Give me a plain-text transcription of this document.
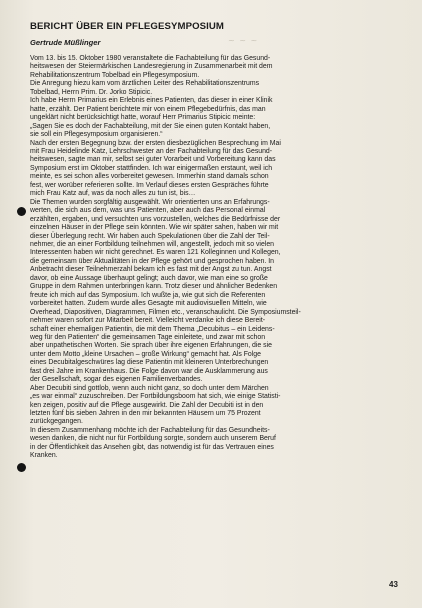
BERICHT ÜBER EIN PFLEGESYMPOSIUM
Gertrude Müßlinger	~ ~ ~

Vom 13. bis 15. Oktober 1980 veranstaltete die Fachabteilung für das Gesund-

heitswesen der Steiermärkischen Landesregierung in Zusammenarbeit mit dem

Rehabilitationszentrum Tobelbad ein Pflegesymposium.

Die Anregung hiezu kam vom ärztlichen Leiter des Rehabilitationszentrums

Tobelbad, Herrn Prim. Dr. Jorko Stipicic.

Ich habe Herrn Primarius ein Erlebnis eines Patienten, das dieser in einer Klinik

hatte, erzählt. Der Patient berichtete mir von einem Pflegebedürfnis, das man

ungeklärt nicht berücksichtigt hatte, worauf Herr Primarius Stipicic meinte:

„Sagen Sie es doch der Fachabteilung, mit der Sie einen guten Kontakt haben,

sie soll ein Pflegesymposium organisieren.“

Nach der ersten Begegnung bzw. der ersten diesbezüglichen Besprechung im Mai

mit Frau Heidelinde Katz, Lehrschwester an der Fachabteilung für das Gesund-

heitswesen, sagte man mir, selbst sei guter Vorarbeit und Vorbereitung kann das

Symposium erst im Oktober stattfinden. Ich war einigermaßen erstaunt, weil ich

meinte, es sei schon alles vorbereitet gewesen. Immerhin stand damals schon

fest, wer worüber referieren sollte. Im Verlauf dieses ersten Gespräches führte

mich Frau Katz auf, was da noch alles zu tun ist, bis…

Die Themen wurden sorgfältig ausgewählt. Wir orientierten uns an Erfahrungs-

werten, die sich aus dem, was uns Patienten, aber auch das Personal einmal

erzählten, ergaben, und versuchten uns vorzustellen, welches die Bedürfnisse der

einzelnen Häuser in der Pflege sein könnten. Wie wir später sahen, haben wir mit

dieser Überlegung recht. Wir haben auch Spekulationen über die Zahl der Teil-

nehmer, die an einer Fortbildung teilnehmen will, angestellt, jedoch mit so vielen

Interessenten haben wir nicht gerechnet. Es waren 121 Kolleginnen und Kollegen,

die gemeinsam über Aktualitäten in der Pflege gehört und gesprochen haben. In

Anbetracht dieser Teilnehmerzahl bekam ich es fast mit der Angst zu tun. Angst

davor, ob eine Aussage überhaupt gelingt; auch davor, wie man eine so große

Gruppe in dem Rahmen unterbringen kann. Trotz dieser und ähnlicher Bedenken

freute ich mich auf das Symposium. Ich wußte ja, wie gut sich die Referenten

vorbereitet hatten. Zudem wurde alles Gesagte mit audiovisuellen Mitteln, wie

Overhead, Diapositiven, Diagrammen, Filmen etc., veranschaulicht. Die Symposiumsteil-

nehmer waren sofort zur Mitarbeit bereit. Vielleicht verdanke ich diese Bereit-

schaft einer ehemaligen Patientin, die mit dem Thema „Decubitus – ein Leidens-

weg für den Patienten“ die gemeinsamen Tage einleitete, und zwar mit schon

aber unpathetischen Worten. Sie sprach über ihre eigenen Erfahrungen, die sie

unter dem Motto „kleine Ursachen – große Wirkung“ gemacht hat. Als Folge

eines Decubitalgeschwüres lag diese Patientin mit kleineren Unterbrechungen

fast drei Jahre im Krankenhaus. Die Folge davon war die Ausklammerung aus

der Gesellschaft, sogar des eigenen Familienverbandes.

Aber Decubiti sind gottlob, wenn auch nicht ganz, so doch unter dem Märchen

„es war einmal“ zuzuschreiben. Der Fortbildungsboom hat sich, wie einige Statisti-

ken zeigen, positiv auf die Pflege ausgewirkt. Die Zahl der Decubiti ist in den

letzten fünf bis sieben Jahren in den mir bekannten Häusern um 75 Prozent

zurückgegangen.

In diesem Zusammenhang möchte ich der Fachabteilung für das Gesundheits-

wesen danken, die nicht nur für Fortbildung sorgte, sondern auch unserem Beruf

in der Öffentlichkeit das Ansehen gibt, das notwendig ist für das Vertrauen eines

Kranken.

43
